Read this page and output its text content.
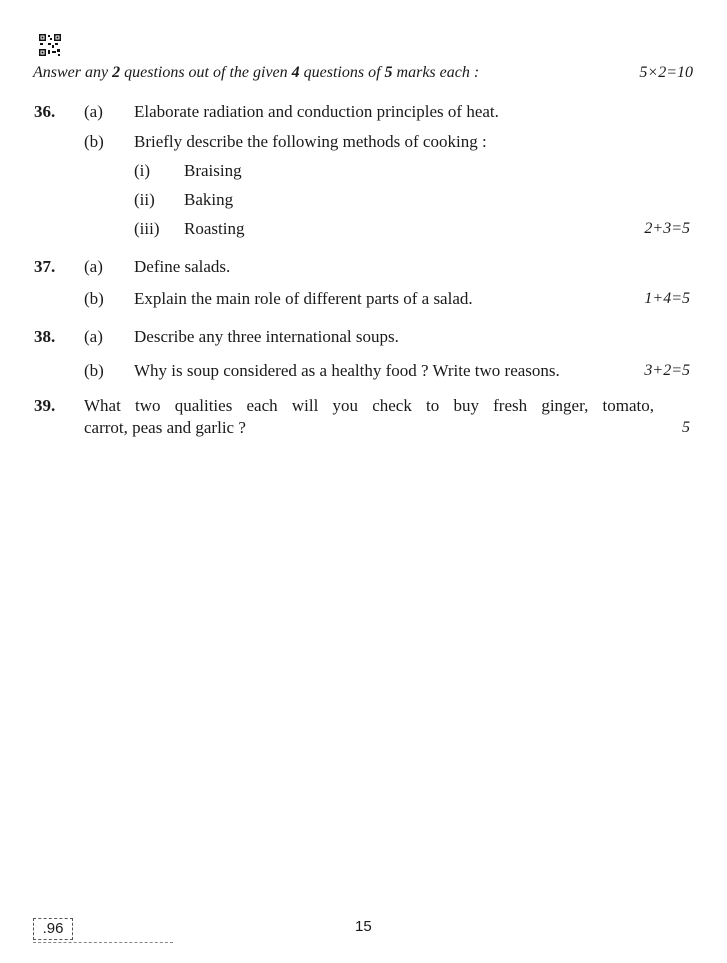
Answer any 2 questions out of the given 4 questions of 5 marks each :	5×2=10
36. (a) Elaborate radiation and conduction principles of heat.
(b) Briefly describe the following methods of cooking :
(i) Braising
(ii) Baking
(iii) Roasting	2+3=5
37. (a) Define salads.
(b) Explain the main role of different parts of a salad.	1+4=5
38. (a) Describe any three international soups.
(b) Why is soup considered as a healthy food ? Write two reasons.	3+2=5
39. What two qualities each will you check to buy fresh ginger, tomato,
carrot, peas and garlic ?	5
.96	15
